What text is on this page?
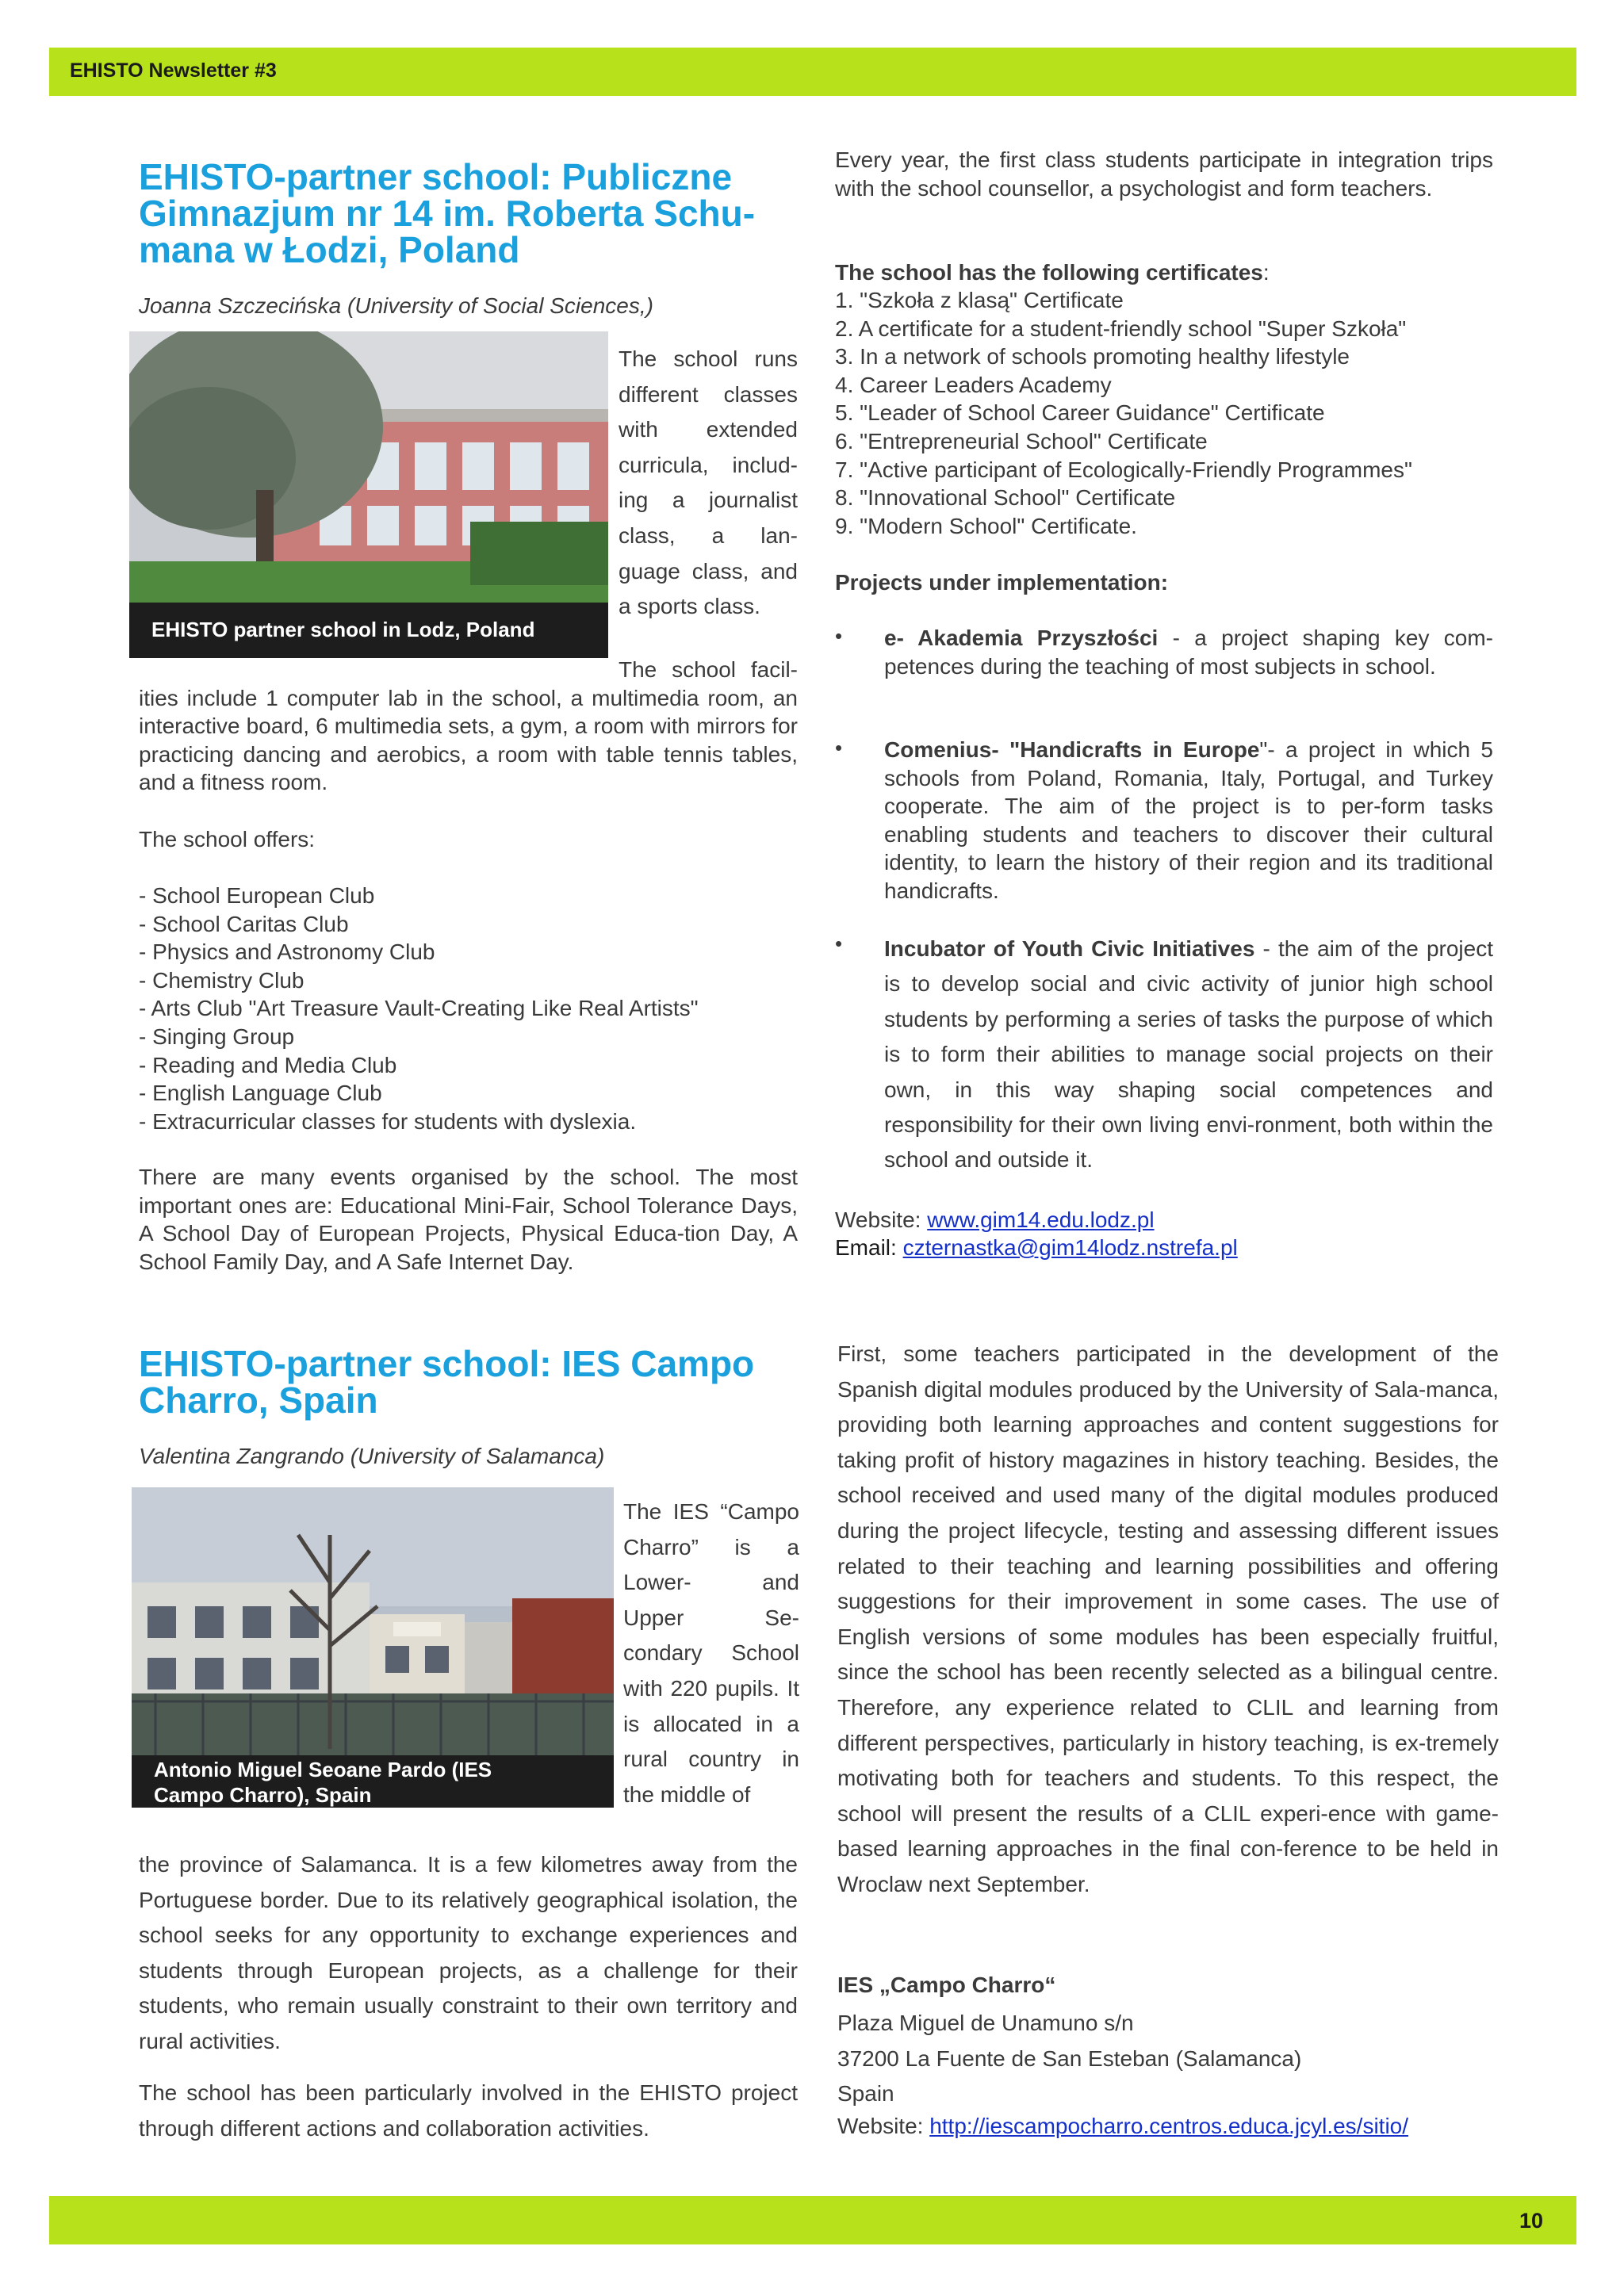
EHISTO Newsletter #3
EHISTO-partner school: Publiczne Gimnazjum nr 14 im. Roberta Schu-mana w Łodzi, Poland

Joanna Szczecińska (University of Social Sciences,)

EHISTO partner school in Lodz, Poland

The school runs different classes with extended curricula, includ-ing a journalist class, a lan-guage class, and a sports class.

The school facil-ities include 1 computer lab in the school, a multimedia room, an interactive board, 6 multimedia sets, a gym, a room with mirrors for practicing dancing and aerobics, a room with table tennis tables, and a fitness room.

The school offers:

- School European Club
- School Caritas Club
- Physics and Astronomy Club
- Chemistry Club
- Arts Club "Art Treasure Vault-Creating Like Real Artists"
- Singing Group
- Reading and Media Club
- English Language Club
- Extracurricular classes for students with dyslexia.

There are many events organised by the school. The most important ones are: Educational Mini-Fair, School Tolerance Days, A School Day of European Projects, Physical Educa-tion Day, A School Family Day, and A Safe Internet Day.

Every year, the first class students participate in integration trips with the school counsellor, a psychologist and form teachers.

The school has the following certificates:

1. "Szkoła z klasą" Certificate
2. A certificate for a student-friendly school "Super Szkoła"
3. In a network of schools promoting healthy lifestyle
4. Career Leaders Academy
5. "Leader of School Career Guidance" Certificate
6. "Entrepreneurial School" Certificate
7. "Active participant of Ecologically-Friendly Programmes"
8. "Innovational School" Certificate
9. "Modern School" Certificate.

Projects under implementation:

• e- Akademia Przyszłości - a project shaping key com-petences during the teaching of most subjects in school.

• Comenius- "Handicrafts in Europe"- a project in which 5 schools from Poland, Romania, Italy, Portugal, and Turkey cooperate. The aim of the project is to per-form tasks enabling students and teachers to discover their cultural identity, to learn the history of their region and its traditional handicrafts.

• Incubator of Youth Civic Initiatives - the aim of the project is to develop social and civic activity of junior high school students by performing a series of tasks the purpose of which is to form their abilities to manage social projects on their own, in this way shaping social competences and responsibility for their own living envi-ronment, both within the school and outside it.

Website: www.gim14.edu.lodz.pl

Email: czternastka@gim14lodz.nstrefa.pl

EHISTO-partner school: IES Campo Charro, Spain

Valentina Zangrando (University of Salamanca)

Antonio Miguel Seoane Pardo (IES Campo Charro), Spain

The IES “Campo Charro” is a Lower- and Upper Se-condary School with 220 pupils. It is allocated in a rural country in the middle of

the province of Salamanca. It is a few kilometres away from the Portuguese border. Due to its relatively geographical isolation, the school seeks for any opportunity to exchange experiences and students through European projects, as a challenge for their students, who remain usually constraint to their own territory and rural activities.

The school has been particularly involved in the EHISTO project through different actions and collaboration activities.

First, some teachers participated in the development of the Spanish digital modules produced by the University of Sala-manca, providing both learning approaches and content suggestions for taking profit of history magazines in history teaching. Besides, the school received and used many of the digital modules produced during the project lifecycle, testing and assessing different issues related to their teaching and learning possibilities and offering suggestions for their improvement in some cases. The use of English versions of some modules has been especially fruitful, since the school has been recently selected as a bilingual centre. Therefore, any experience related to CLIL and learning from different perspectives, particularly in history teaching, is ex-tremely motivating both for teachers and students. To this respect, the school will present the results of a CLIL experi-ence with game-based learning approaches in the final con-ference to be held in Wroclaw next September.

IES „Campo Charro“

Plaza Miguel de Unamuno s/n
37200 La Fuente de San Esteban (Salamanca)
Spain

Website: http://iescampocharro.centros.educa.jcyl.es/sitio/

10
